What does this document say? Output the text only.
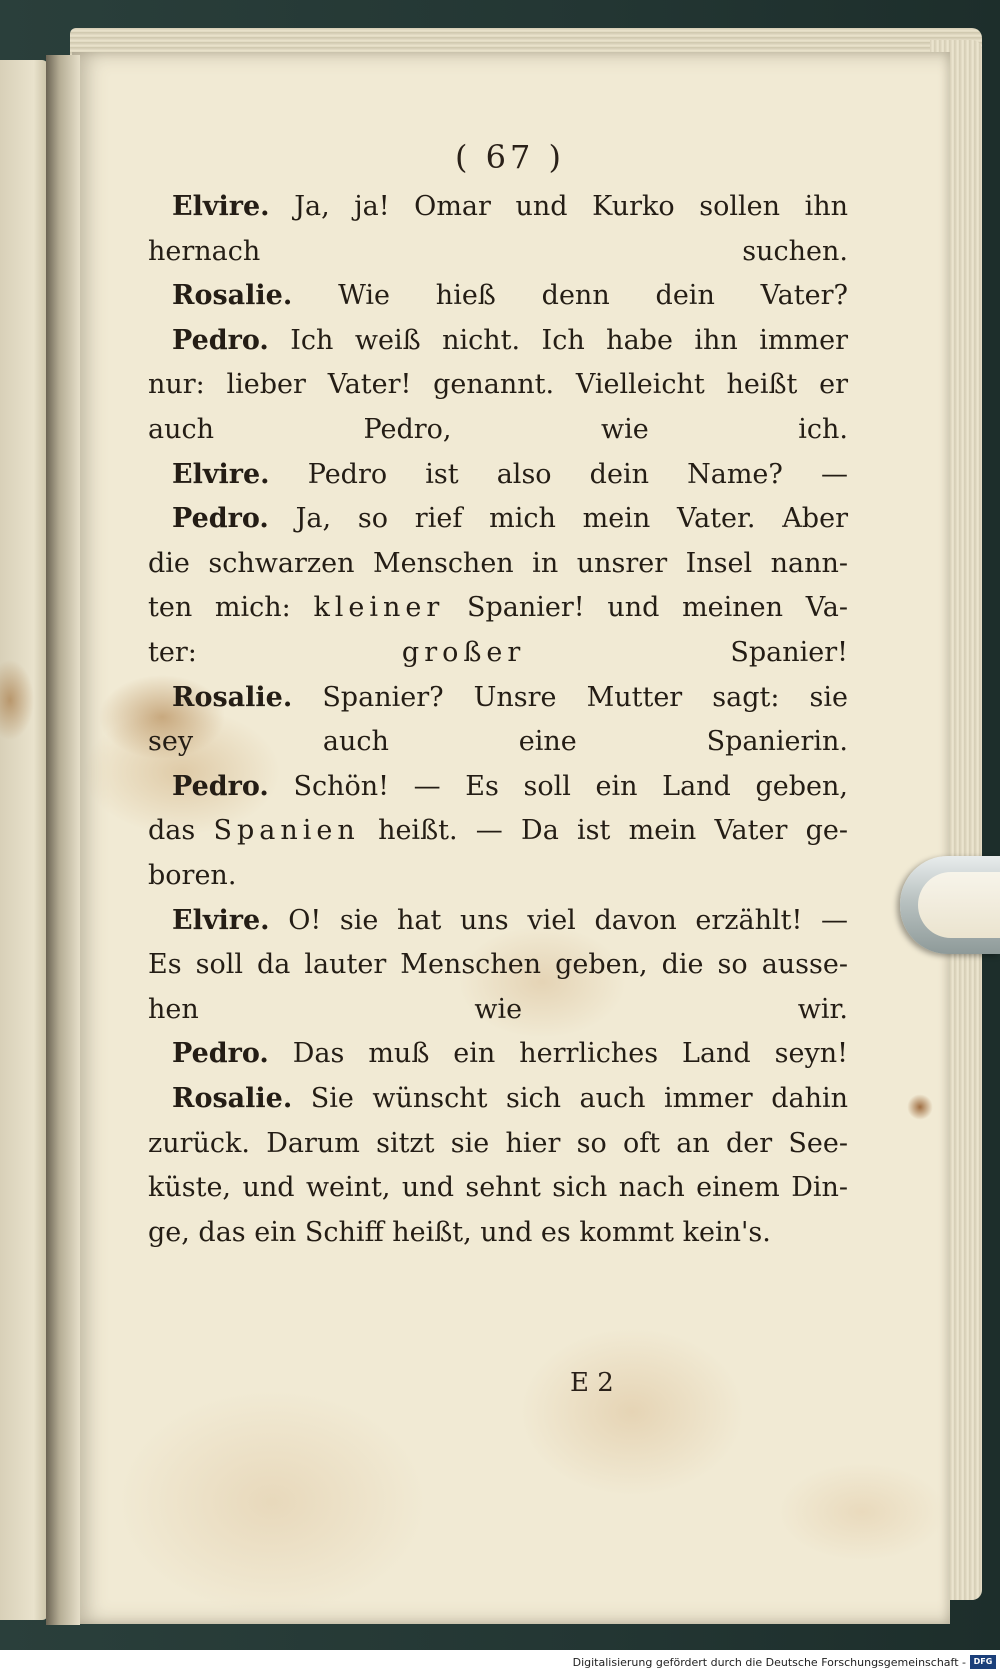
( 67 )
Elvire. Ja, ja! Omar und Kurko sollen ihn
hernach suchen.
Rosalie. Wie hieß denn dein Vater?
Pedro. Ich weiß nicht. Ich habe ihn immer
nur: lieber Vater! genannt. Vielleicht heißt er
auch Pedro, wie ich.
Elvire. Pedro ist also dein Name? —
Pedro. Ja, so rief mich mein Vater. Aber
die schwarzen Menschen in unsrer Insel nann-
ten mich: kleiner Spanier! und meinen Va-
ter:	großer	Spanier!
Rosalie. Spanier? Unsre Mutter sagt: sie
sey auch eine Spanierin.
Pedro. Schön! — Es soll ein Land geben,
das Spanien heißt. — Da ist mein Vater ge-
boren.
Elvire. O! sie hat uns viel davon erzählt! —
Es soll da lauter Menschen geben, die so ausse-
hen wie wir.
Pedro. Das muß ein herrliches Land seyn!
Rosalie. Sie wünscht sich auch immer dahin
zurück. Darum sitzt sie hier so oft an der See-
küste, und weint, und sehnt sich nach einem Din-
ge, das ein Schiff heißt, und es kommt kein's.
E 2
Digitalisierung gefördert durch die Deutsche Forschungsgemeinschaft - DFG
